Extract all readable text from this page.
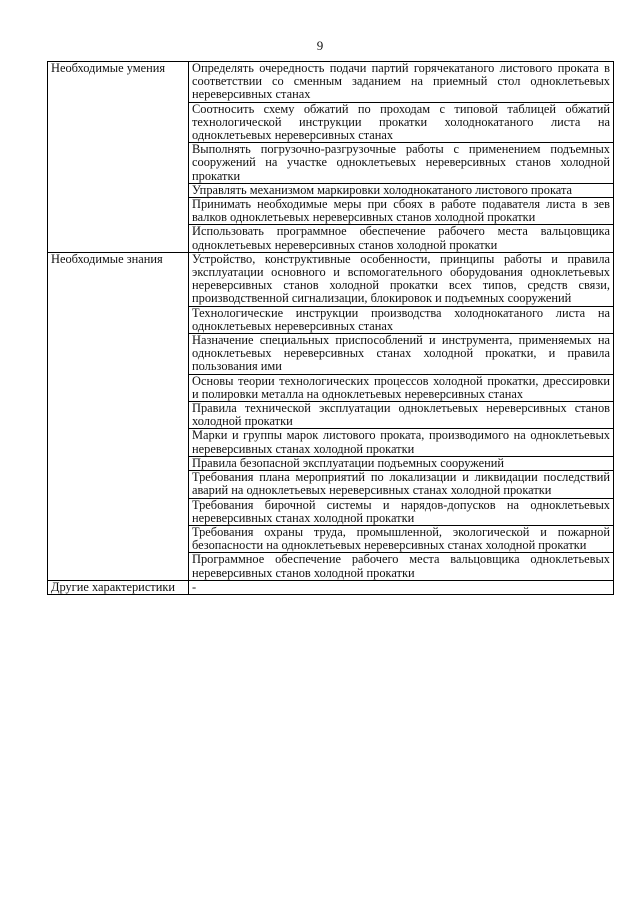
9
Необходимые умения	Определять очередность подачи партий горячекатаного листового проката в соответствии со сменным заданием на приемный стол одноклетьевых нереверсивных станах
	Соотносить схему обжатий по проходам с типовой таблицей обжатий технологической инструкции прокатки холоднокатаного листа на одноклетьевых нереверсивных станах
	Выполнять погрузочно-разгрузочные работы с применением подъемных сооружений на участке одноклетьевых нереверсивных станов холодной прокатки
	Управлять механизмом маркировки холоднокатаного листового проката
	Принимать необходимые меры при сбоях в работе подавателя листа в зев валков одноклетьевых нереверсивных станов холодной прокатки
	Использовать программное обеспечение рабочего места вальцовщика одноклетьевых нереверсивных станов холодной прокатки
Необходимые знания	Устройство, конструктивные особенности, принципы работы и правила эксплуатации основного и вспомогательного оборудования одноклетьевых нереверсивных станов холодной прокатки всех типов, средств связи, производственной сигнализации, блокировок и подъемных сооружений
	Технологические инструкции производства холоднокатаного листа на одноклетьевых нереверсивных станах
	Назначение специальных приспособлений и инструмента, применяемых на одноклетьевых нереверсивных станах холодной прокатки, и правила пользования ими
	Основы теории технологических процессов холодной прокатки, дрессировки и полировки металла на одноклетьевых нереверсивных станах
	Правила технической эксплуатации одноклетьевых нереверсивных станов холодной прокатки
	Марки и группы марок листового проката, производимого на одноклетьевых нереверсивных станах холодной прокатки
	Правила безопасной эксплуатации подъемных сооружений
	Требования плана мероприятий по локализации и ликвидации последствий аварий на одноклетьевых нереверсивных станах холодной прокатки
	Требования бирочной системы и нарядов-допусков на одноклетьевых нереверсивных станах холодной прокатки
	Требования охраны труда, промышленной, экологической и пожарной безопасности на одноклетьевых нереверсивных станах холодной прокатки
	Программное обеспечение рабочего места вальцовщика одноклетьевых нереверсивных станов холодной прокатки
Другие характеристики	-
